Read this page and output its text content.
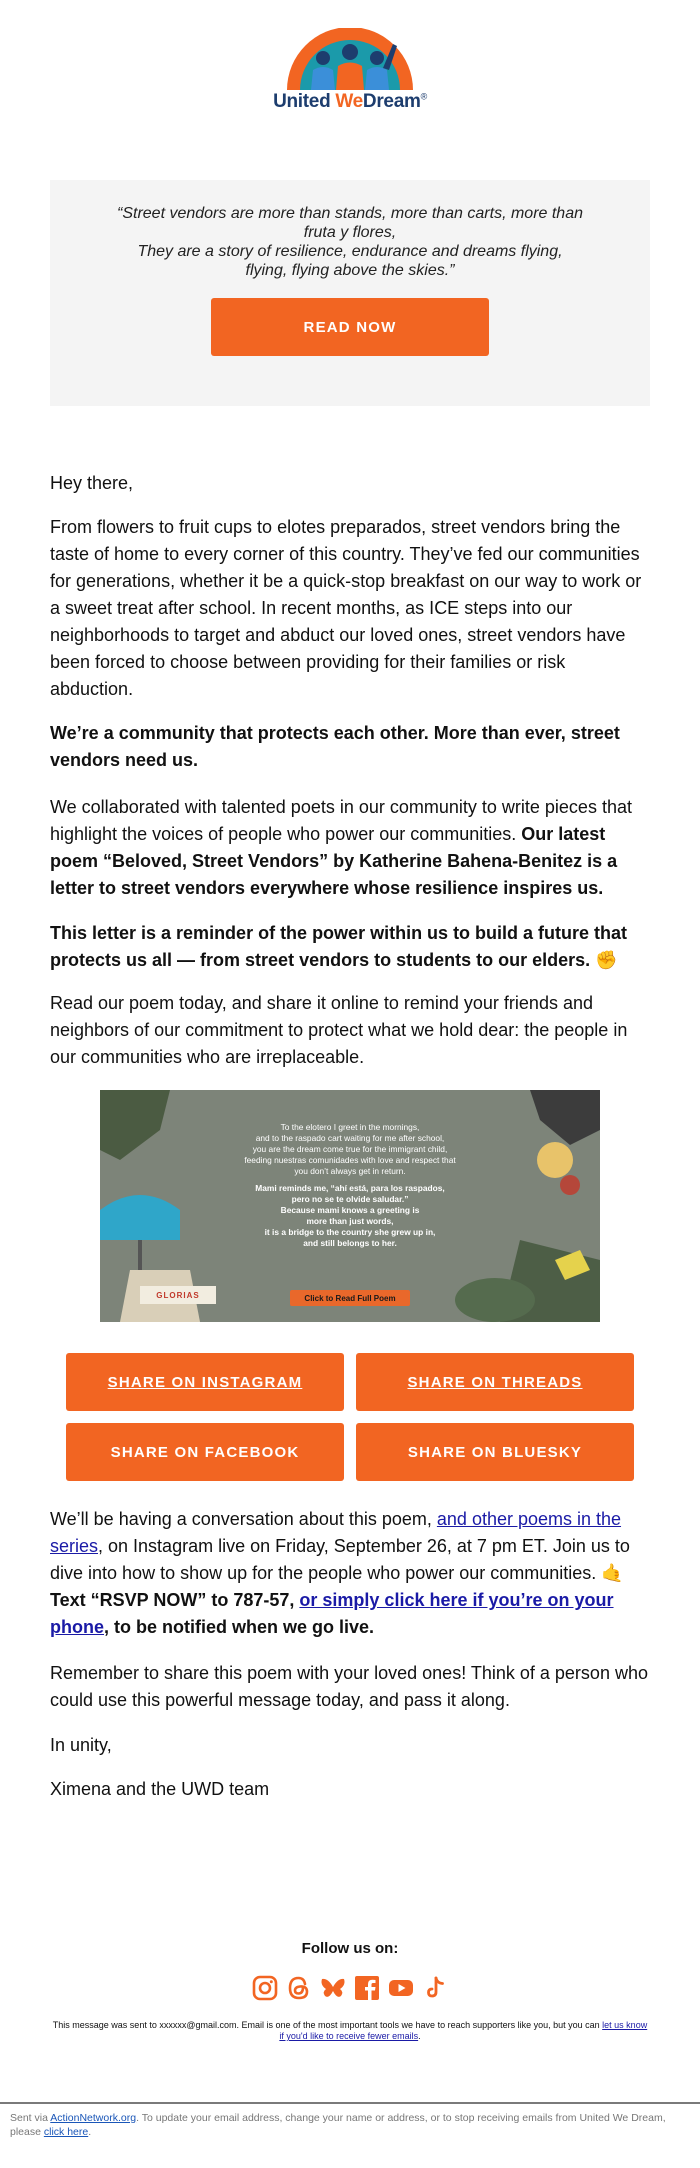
United WeDream®
“Street vendors are more than stands, more than carts, more than
fruta y flores,
They are a story of resilience, endurance and dreams flying,
flying, flying above the skies.”
READ NOW

Hey there,

From flowers to fruit cups to elotes preparados, street vendors bring the taste of home to every corner of this country. They’ve fed our communities for generations, whether it be a quick-stop breakfast on our way to work or a sweet treat after school. In recent months, as ICE steps into our neighborhoods to target and abduct our loved ones, street vendors have been forced to choose between providing for their families or risk abduction.

We’re a community that protects each other. More than ever, street vendors need us.

We collaborated with talented poets in our community to write pieces that highlight the voices of people who power our communities. Our latest poem “Beloved, Street Vendors” by Katherine Bahena-Benitez is a letter to street vendors everywhere whose resilience inspires us.

This letter is a reminder of the power within us to build a future that protects us all — from street vendors to students to our elders. ✊

Read our poem today, and share it online to remind your friends and neighbors of our commitment to protect what we hold dear: the people in our communities who are irreplaceable.

To the elotero I greet in the mornings,
and to the raspado cart waiting for me after school,
you are the dream come true for the immigrant child,
feeding nuestras comunidades with love and respect that
you don’t always get in return.
Mami reminds me, “ahí está, para los raspados,
pero no se te olvide saludar.”
Because mami knows a greeting is
more than just words,
it is a bridge to the country she grew up in,
and still belongs to her.
GLORIAS	Click to Read Full Poem
SHARE ON INSTAGRAM	SHARE ON THREADS
SHARE ON FACEBOOK	SHARE ON BLUESKY

We’ll be having a conversation about this poem, and other poems in the series, on Instagram live on Friday, September 26, at 7 pm ET. Join us to dive into how to show up for the people who power our communities. 🤙 Text “RSVP NOW” to 787-57, or simply click here if you’re on your phone, to be notified when we go live.

Remember to share this poem with your loved ones! Think of a person who could use this powerful message today, and pass it along.

In unity,

Ximena and the UWD team

Follow us on:
This message was sent to xxxxxx@gmail.com. Email is one of the most important tools we have to reach supporters like you, but you can let us know if you'd like to receive fewer emails.
Sent via ActionNetwork.org. To update your email address, change your name or address, or to stop receiving emails from United We Dream, please click here.
